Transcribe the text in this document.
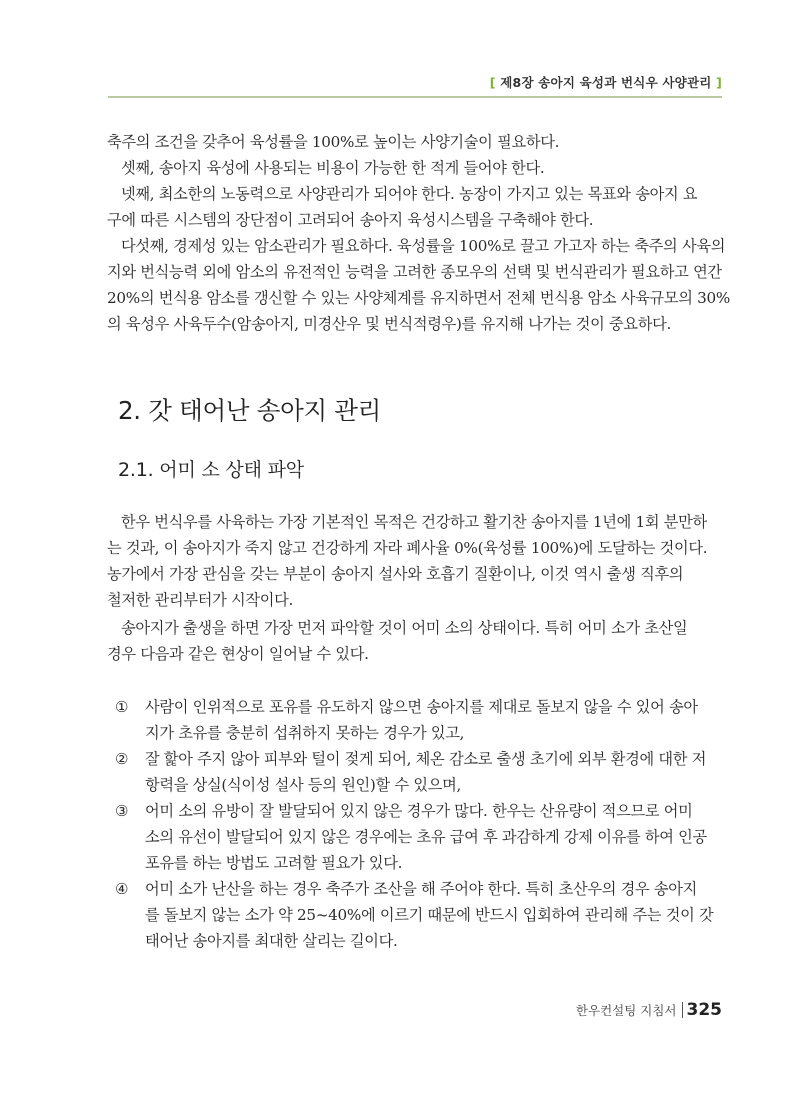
[ 제8장 송아지 육성과 번식우 사양관리 ]

축주의 조건을 갖추어 육성률을 100%로 높이는 사양기술이 필요하다.

셋째, 송아지 육성에 사용되는 비용이 가능한 한 적게 들어야 한다.

넷째, 최소한의 노동력으로 사양관리가 되어야 한다. 농장이 가지고 있는 목표와 송아지 요
구에 따른 시스템의 장단점이 고려되어 송아지 육성시스템을 구축해야 한다.

다섯째, 경제성 있는 암소관리가 필요하다. 육성률을 100%로 끌고 가고자 하는 축주의 사육의
지와 번식능력 외에 암소의 유전적인 능력을 고려한 종모우의 선택 및 번식관리가 필요하고 연간
20%의 번식용 암소를 갱신할 수 있는 사양체계를 유지하면서 전체 번식용 암소 사육규모의 30%
의 육성우 사육두수(암송아지, 미경산우 및 번식적령우)를 유지해 나가는 것이 중요하다.

2. 갓 태어난 송아지 관리
2.1. 어미 소 상태 파악

한우 번식우를 사육하는 가장 기본적인 목적은 건강하고 활기찬 송아지를 1년에 1회 분만하
는 것과, 이 송아지가 죽지 않고 건강하게 자라 폐사율 0%(육성률 100%)에 도달하는 것이다.
농가에서 가장 관심을 갖는 부분이 송아지 설사와 호흡기 질환이나, 이것 역시 출생 직후의
철저한 관리부터가 시작이다.

송아지가 출생을 하면 가장 먼저 파악할 것이 어미 소의 상태이다. 특히 어미 소가 초산일
경우 다음과 같은 현상이 일어날 수 있다.

① 사람이 인위적으로 포유를 유도하지 않으면 송아지를 제대로 돌보지 않을 수 있어 송아
지가 초유를 충분히 섭취하지 못하는 경우가 있고,
② 잘 핥아 주지 않아 피부와 털이 젖게 되어, 체온 감소로 출생 초기에 외부 환경에 대한 저
항력을 상실(식이성 설사 등의 원인)할 수 있으며,
③ 어미 소의 유방이 잘 발달되어 있지 않은 경우가 많다. 한우는 산유량이 적으므로 어미
소의 유선이 발달되어 있지 않은 경우에는 초유 급여 후 과감하게 강제 이유를 하여 인공
포유를 하는 방법도 고려할 필요가 있다.
④ 어미 소가 난산을 하는 경우 축주가 조산을 해 주어야 한다. 특히 초산우의 경우 송아지
를 돌보지 않는 소가 약 25~40%에 이르기 때문에 반드시 입회하여 관리해 주는 것이 갓
태어난 송아지를 최대한 살리는 길이다.
한우컨설팅 지침서 325
